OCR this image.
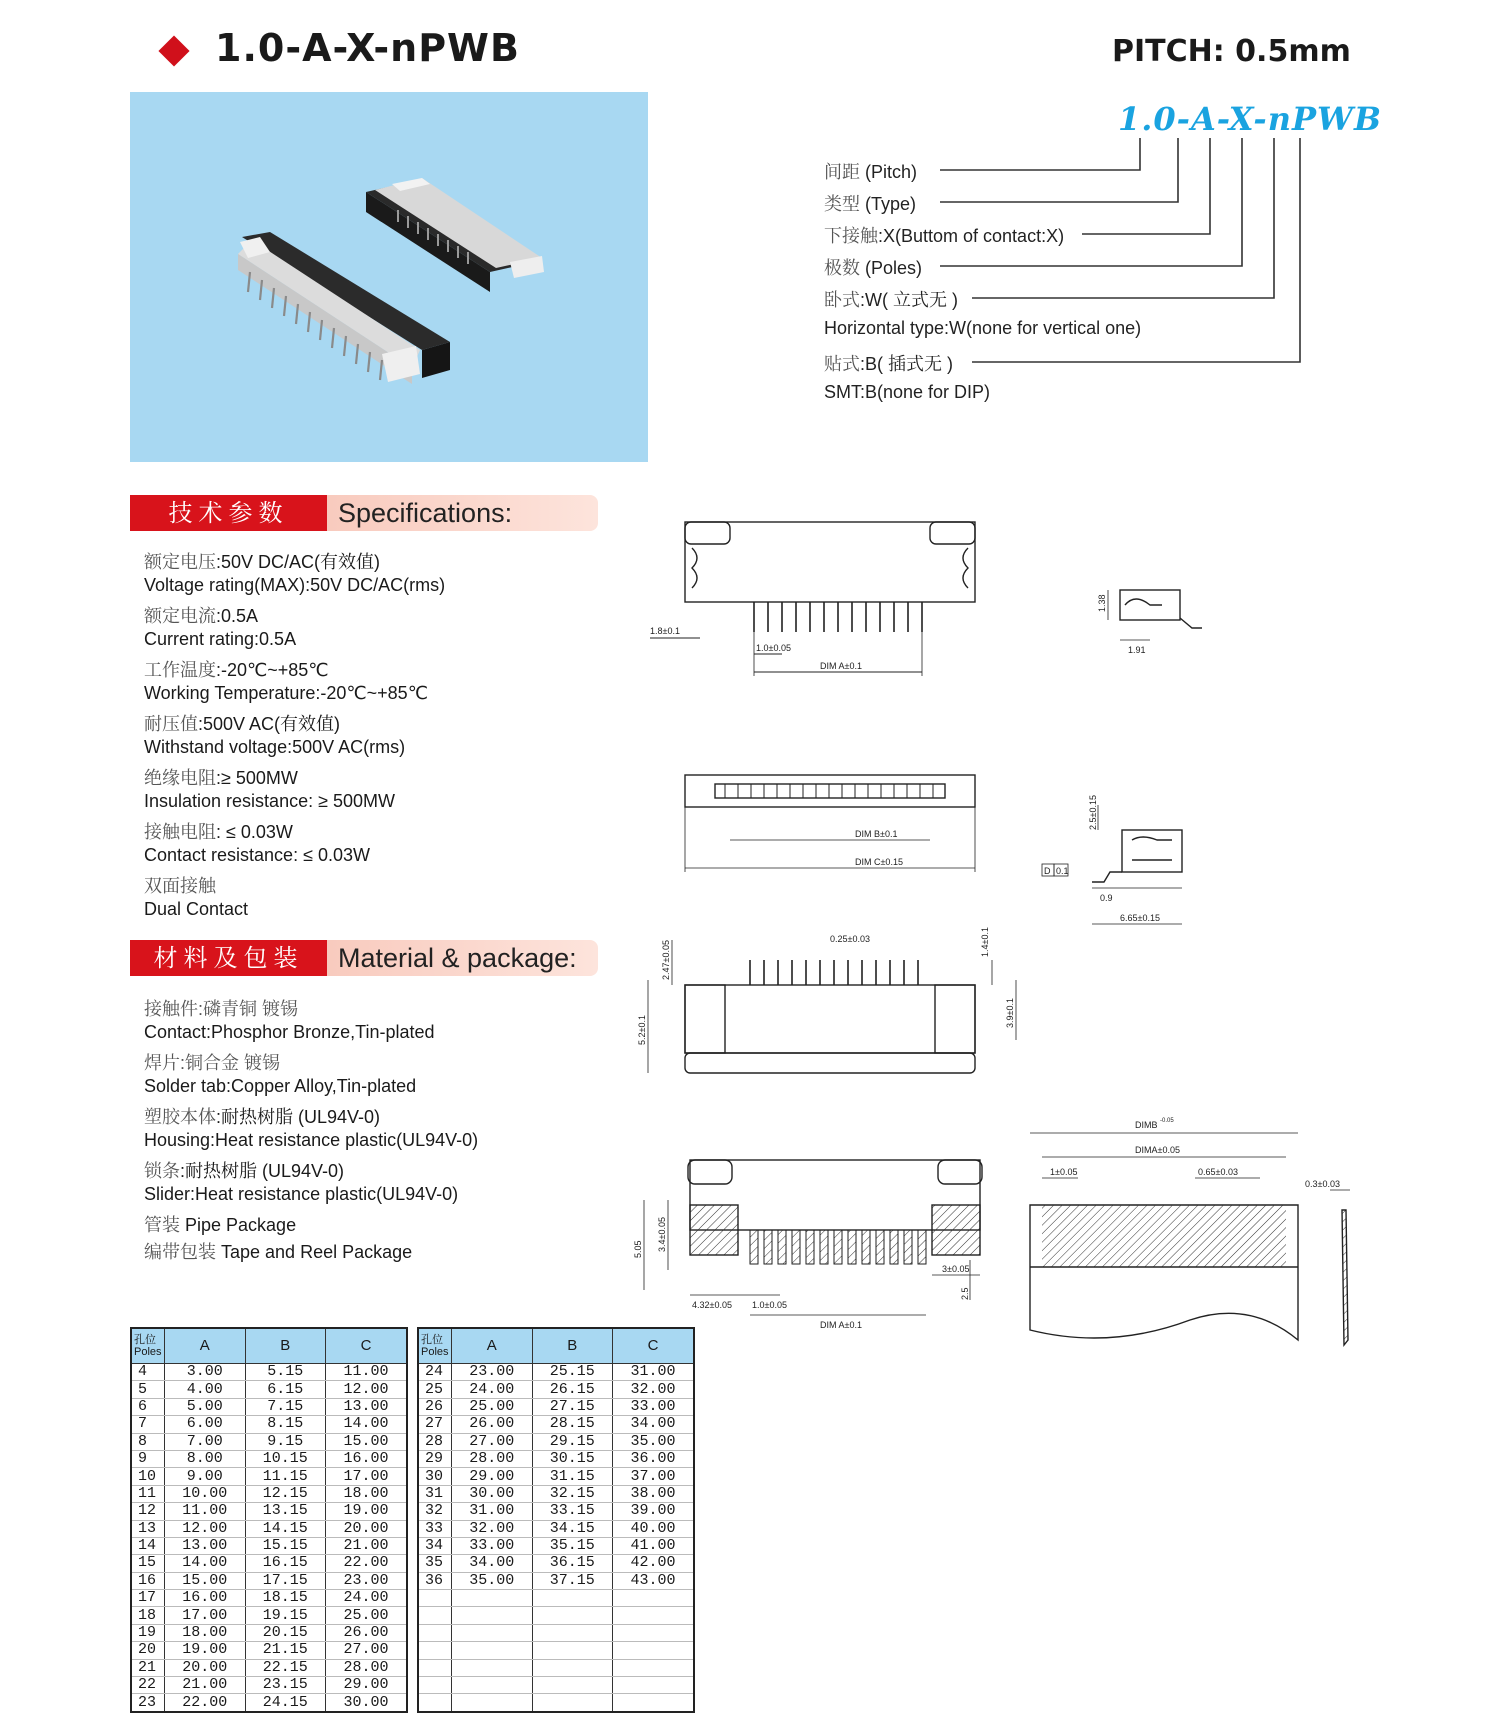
1.0-A-X-nPWB	PITCH: 0.5mm
1.0-A-X-nPWB
间距 (Pitch)
类型 (Type)
下接触:X(Buttom of contact:X)
极数 (Poles)
卧式:W( 立式无 )
Horizontal type:W(none for vertical one)
贴式:B( 插式无 )
SMT:B(none for DIP)
技术参数	Specifications:
额定电压:50V DC/AC(有效值)
Voltage rating(MAX):50V DC/AC(rms)
额定电流:0.5A
Current rating:0.5A
工作温度:-20℃~+85℃
Working Temperature:-20℃~+85℃
耐压值:500V AC(有效值)
Withstand voltage:500V AC(rms)
绝缘电阻:≥ 500MW
Insulation resistance: ≥ 500MW
接触电阻: ≤ 0.03W
Contact resistance: ≤ 0.03W
双面接触
Dual Contact
材料及包装	Material & package:
接触件:磷青铜 镀锡
Contact:Phosphor Bronze,Tin-plated
焊片:铜合金 镀锡
Solder tab:Copper Alloy,Tin-plated
塑胶本体:耐热树脂 (UL94V-0)
Housing:Heat resistance plastic(UL94V-0)
锁条:耐热树脂 (UL94V-0)
Slider:Heat resistance plastic(UL94V-0)
管装 Pipe Package
编带包装 Tape and Reel Package
1.8±0.1
1.0±0.05
DIM A±0.1
1.38
1.91
DIM B±0.1
DIM C±0.15
2.5±0.15
D 0.1
0.9
6.65±0.15
0.25±0.03
2.47±0.05
5.2±0.1
1.4±0.1
3.9±0.1
5.05 3.4±0.05
4.32±0.05 1.0±0.05
DIM A±0.1
2.5
3±0.05
DIMB -0.05
DIMA±0.05
1±0.05	0.65±0.03
0.3±0.03
孔位
Poles	A	B	C
4	3.00	5.15	11.00
5	4.00	6.15	12.00
6	5.00	7.15	13.00
7	6.00	8.15	14.00
8	7.00	9.15	15.00
9	8.00	10.15	16.00
10	9.00	11.15	17.00
11	10.00	12.15	18.00
12	11.00	13.15	19.00
13	12.00	14.15	20.00
14	13.00	15.15	21.00
15	14.00	16.15	22.00
16	15.00	17.15	23.00
17	16.00	18.15	24.00
18	17.00	19.15	25.00
19	18.00	20.15	26.00
20	19.00	21.15	27.00
21	20.00	22.15	28.00
22	21.00	23.15	29.00
23	22.00	24.15	30.00
孔位
Poles	A	B	C
24	23.00	25.15	31.00
25	24.00	26.15	32.00
26	25.00	27.15	33.00
27	26.00	28.15	34.00
28	27.00	29.15	35.00
29	28.00	30.15	36.00
30	29.00	31.15	37.00
31	30.00	32.15	38.00
32	31.00	33.15	39.00
33	32.00	34.15	40.00
34	33.00	35.15	41.00
35	34.00	36.15	42.00
36	35.00	37.15	43.00
